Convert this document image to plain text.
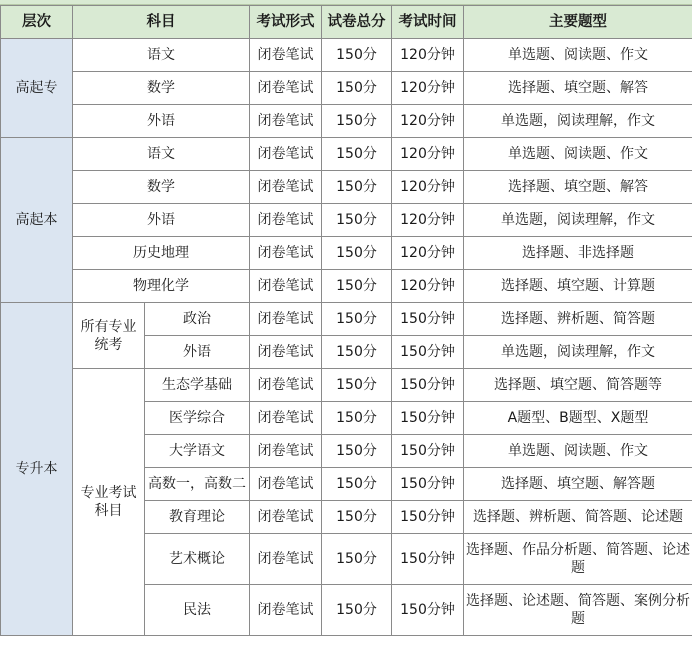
层次	科目		考试形式	试卷总分	考试时间	主要题型
高起专	语文		闭卷笔试	150分	120分钟	单选题、阅读题、作文
	数学		闭卷笔试	150分	120分钟	选择题、填空题、解答
	外语		闭卷笔试	150分	120分钟	单选题，阅读理解，作文
高起本	语文		闭卷笔试	150分	120分钟	单选题、阅读题、作文
	数学		闭卷笔试	150分	120分钟	选择题、填空题、解答
	外语		闭卷笔试	150分	120分钟	单选题，阅读理解，作文
	历史地理		闭卷笔试	150分	120分钟	选择题、非选择题
	物理化学		闭卷笔试	150分	120分钟	选择题、填空题、计算题
专升本	所有专业统考	政治	闭卷笔试	150分	150分钟	选择题、辨析题、简答题
		外语	闭卷笔试	150分	150分钟	单选题，阅读理解，作文
	专业考试科目	生态学基础	闭卷笔试	150分	150分钟	选择题、填空题、简答题等
		医学综合	闭卷笔试	150分	150分钟	A题型、B题型、X题型
		大学语文	闭卷笔试	150分	150分钟	单选题、阅读题、作文
		高数一，高数二	闭卷笔试	150分	150分钟	选择题、填空题、解答题
		教育理论	闭卷笔试	150分	150分钟	选择题、辨析题、简答题、论述题
		艺术概论	闭卷笔试	150分	150分钟	选择题、作品分析题、简答题、论述题
		民法	闭卷笔试	150分	150分钟	选择题、论述题、简答题、案例分析题
